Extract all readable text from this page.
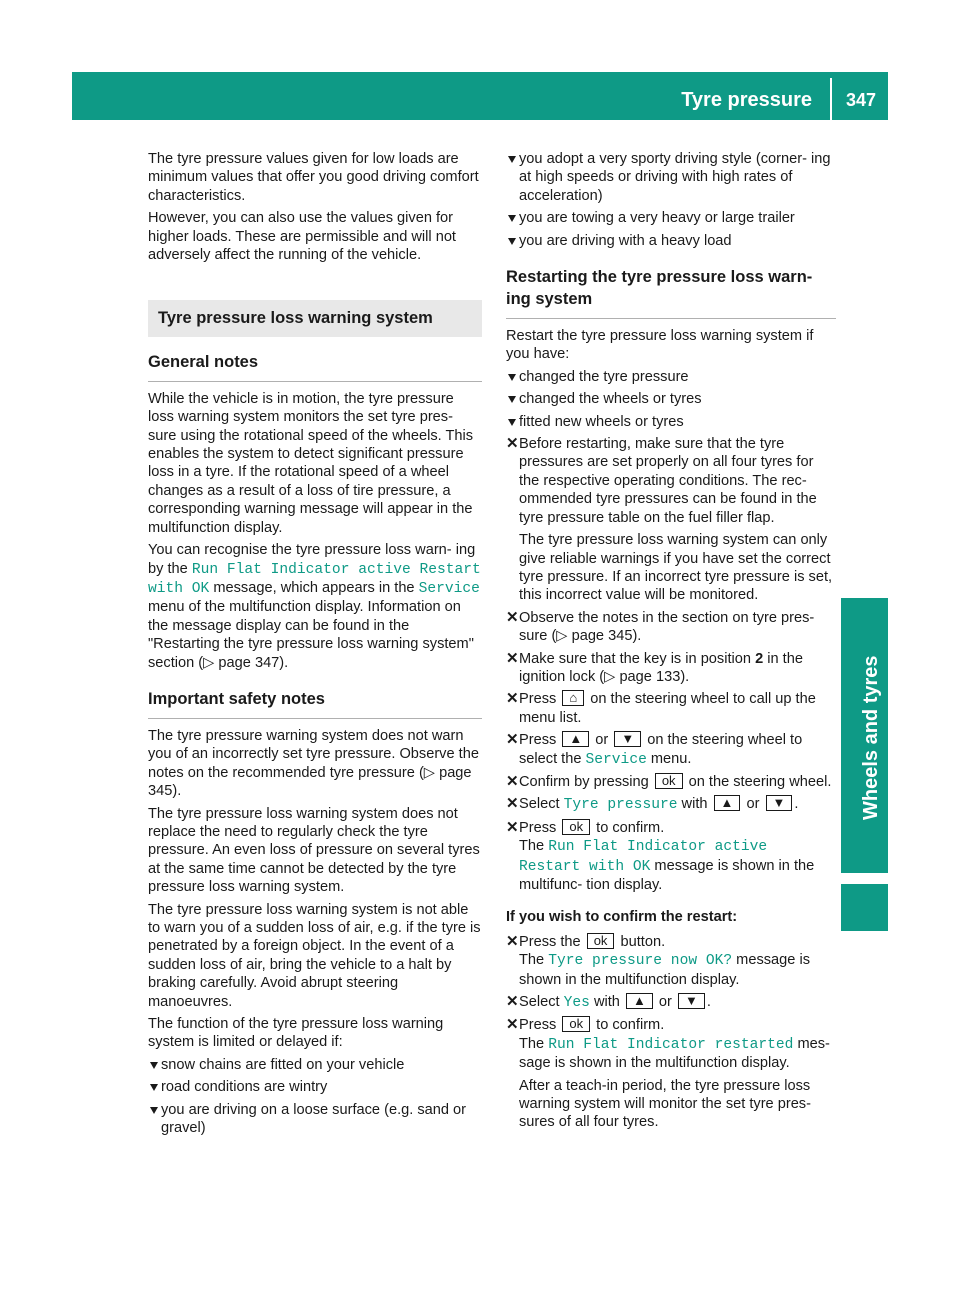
Tyre pressure	347
Wheels and tyres

The tyre pressure values given for low loads are minimum values that offer you good driving comfort characteristics.

However, you can also use the values given for higher loads. These are permissible and will not adversely affect the running of the vehicle.

Tyre pressure loss warning system
General notes

While the vehicle is in motion, the tyre pressure loss warning system monitors the set tyre pres- sure using the rotational speed of the wheels. This enables the system to detect significant pressure loss in a tyre. If the rotational speed of a wheel changes as a result of a loss of tire pressure, a corresponding warning message will appear in the multifunction display.

You can recognise the tyre pressure loss warn- ing by the Run Flat Indicator active Restart with OK message, which appears in the Service menu of the multifunction display. Information on the message display can be found in the "Restarting the tyre pressure loss warning system" section (▷ page 347).

Important safety notes

The tyre pressure warning system does not warn you of an incorrectly set tyre pressure. Observe the notes on the recommended tyre pressure (▷ page 345).

The tyre pressure loss warning system does not replace the need to regularly check the tyre pressure. An even loss of pressure on several tyres at the same time cannot be detected by the tyre pressure loss warning system.

The tyre pressure loss warning system is not able to warn you of a sudden loss of air, e.g. if the tyre is penetrated by a foreign object. In the event of a sudden loss of air, bring the vehicle to a halt by braking carefully. Avoid abrupt steering manoeuvres.

The function of the tyre pressure loss warning system is limited or delayed if:

snow chains are fitted on your vehicle
road conditions are wintry
you are driving on a loose surface (e.g. sand or gravel)
you adopt a very sporty driving style (corner- ing at high speeds or driving with high rates of acceleration)
you are towing a very heavy or large trailer
you are driving with a heavy load
Restarting the tyre pressure loss warn- ing system

Restart the tyre pressure loss warning system if you have:

changed the tyre pressure
changed the wheels or tyres
fitted new wheels or tyres
✕ Before restarting, make sure that the tyre pressures are set properly on all four tyres for the respective operating conditions. The rec- ommended tyre pressures can be found in the tyre pressure table on the fuel filler flap.
The tyre pressure loss warning system can only give reliable warnings if you have set the correct tyre pressure. If an incorrect tyre pressure is set, this incorrect value will be monitored.
✕ Observe the notes in the section on tyre pres- sure (▷ page 345).
✕ Make sure that the key is in position 2 in the ignition lock (▷ page 133).
✕ Press ⌂ on the steering wheel to call up the menu list.
✕ Press ▲ or ▼ on the steering wheel to select the Service menu.
✕ Confirm by pressing ok on the steering wheel.
✕ Select Tyre pressure with ▲ or ▼ .
✕ Press ok to confirm.
The Run Flat Indicator active Restart with OK message is shown in the multifunc- tion display.
If you wish to confirm the restart:
✕ Press the ok button.
The Tyre pressure now OK? message is shown in the multifunction display.
✕ Select Yes with ▲ or ▼ .
✕ Press ok to confirm.
The Run Flat Indicator restarted mes- sage is shown in the multifunction display.
After a teach-in period, the tyre pressure loss warning system will monitor the set tyre pres- sures of all four tyres.
